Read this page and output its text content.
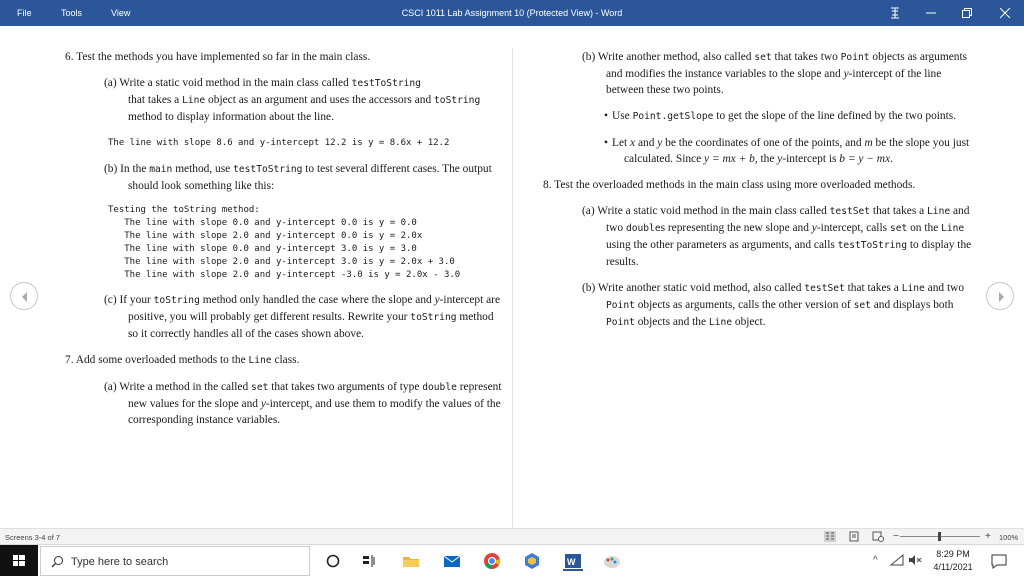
File	Tools	View	CSCI 1011 Lab Assignment 10 (Protected View) - Word

6. Test the methods you have implemented so far in the main class.

(a) Write a static void method in the main class called testToString
that takes a Line object as an argument and uses the accessors and toString method to display information about the line.

The line with slope 8.6 and y-intercept 12.2 is y = 8.6x + 12.2

(b) In the main method, use testToString to test several different cases. The output should look something like this:

Testing the toString method:
The line with slope 0.0 and y-intercept 0.0 is y = 0.0
The line with slope 2.0 and y-intercept 0.0 is y = 2.0x
The line with slope 0.0 and y-intercept 3.0 is y = 3.0
The line with slope 2.0 and y-intercept 3.0 is y = 2.0x + 3.0
The line with slope 2.0 and y-intercept -3.0 is y = 2.0x - 3.0

(c) If your toString method only handled the case where the slope and y-intercept are positive, you will probably get different results. Rewrite your toString method so it correctly handles all of the cases shown above.

7. Add some overloaded methods to the Line class.

(a) Write a method in the called set that takes two arguments of type double represent new values for the slope and y-intercept, and use them to modify the values of the corresponding instance variables.

(b) Write another method, also called set that takes two Point objects as arguments and modifies the instance variables to the slope and y-intercept of the line between these two points.

• Use Point.getSlope to get the slope of the line defined by the two points.

• Let x and y be the coordinates of one of the points, and m be the slope you just calculated. Since y = mx + b, the y-intercept is b = y − mx.

8. Test the overloaded methods in the main class using more overloaded methods.

(a) Write a static void method in the main class called testSet that takes a Line and two doubles representing the new slope and y-intercept, calls set on the Line using the other parameters as arguments, and calls testToString to display the results.

(b) Write another static void method, also called testSet that takes a Line and two Point objects as arguments, calls the other version of set and displays both Point objects and the Line object.

Screens 3-4 of 7	−	+ 100%
Type here to search	W	^
8:29 PM
4/11/2021
